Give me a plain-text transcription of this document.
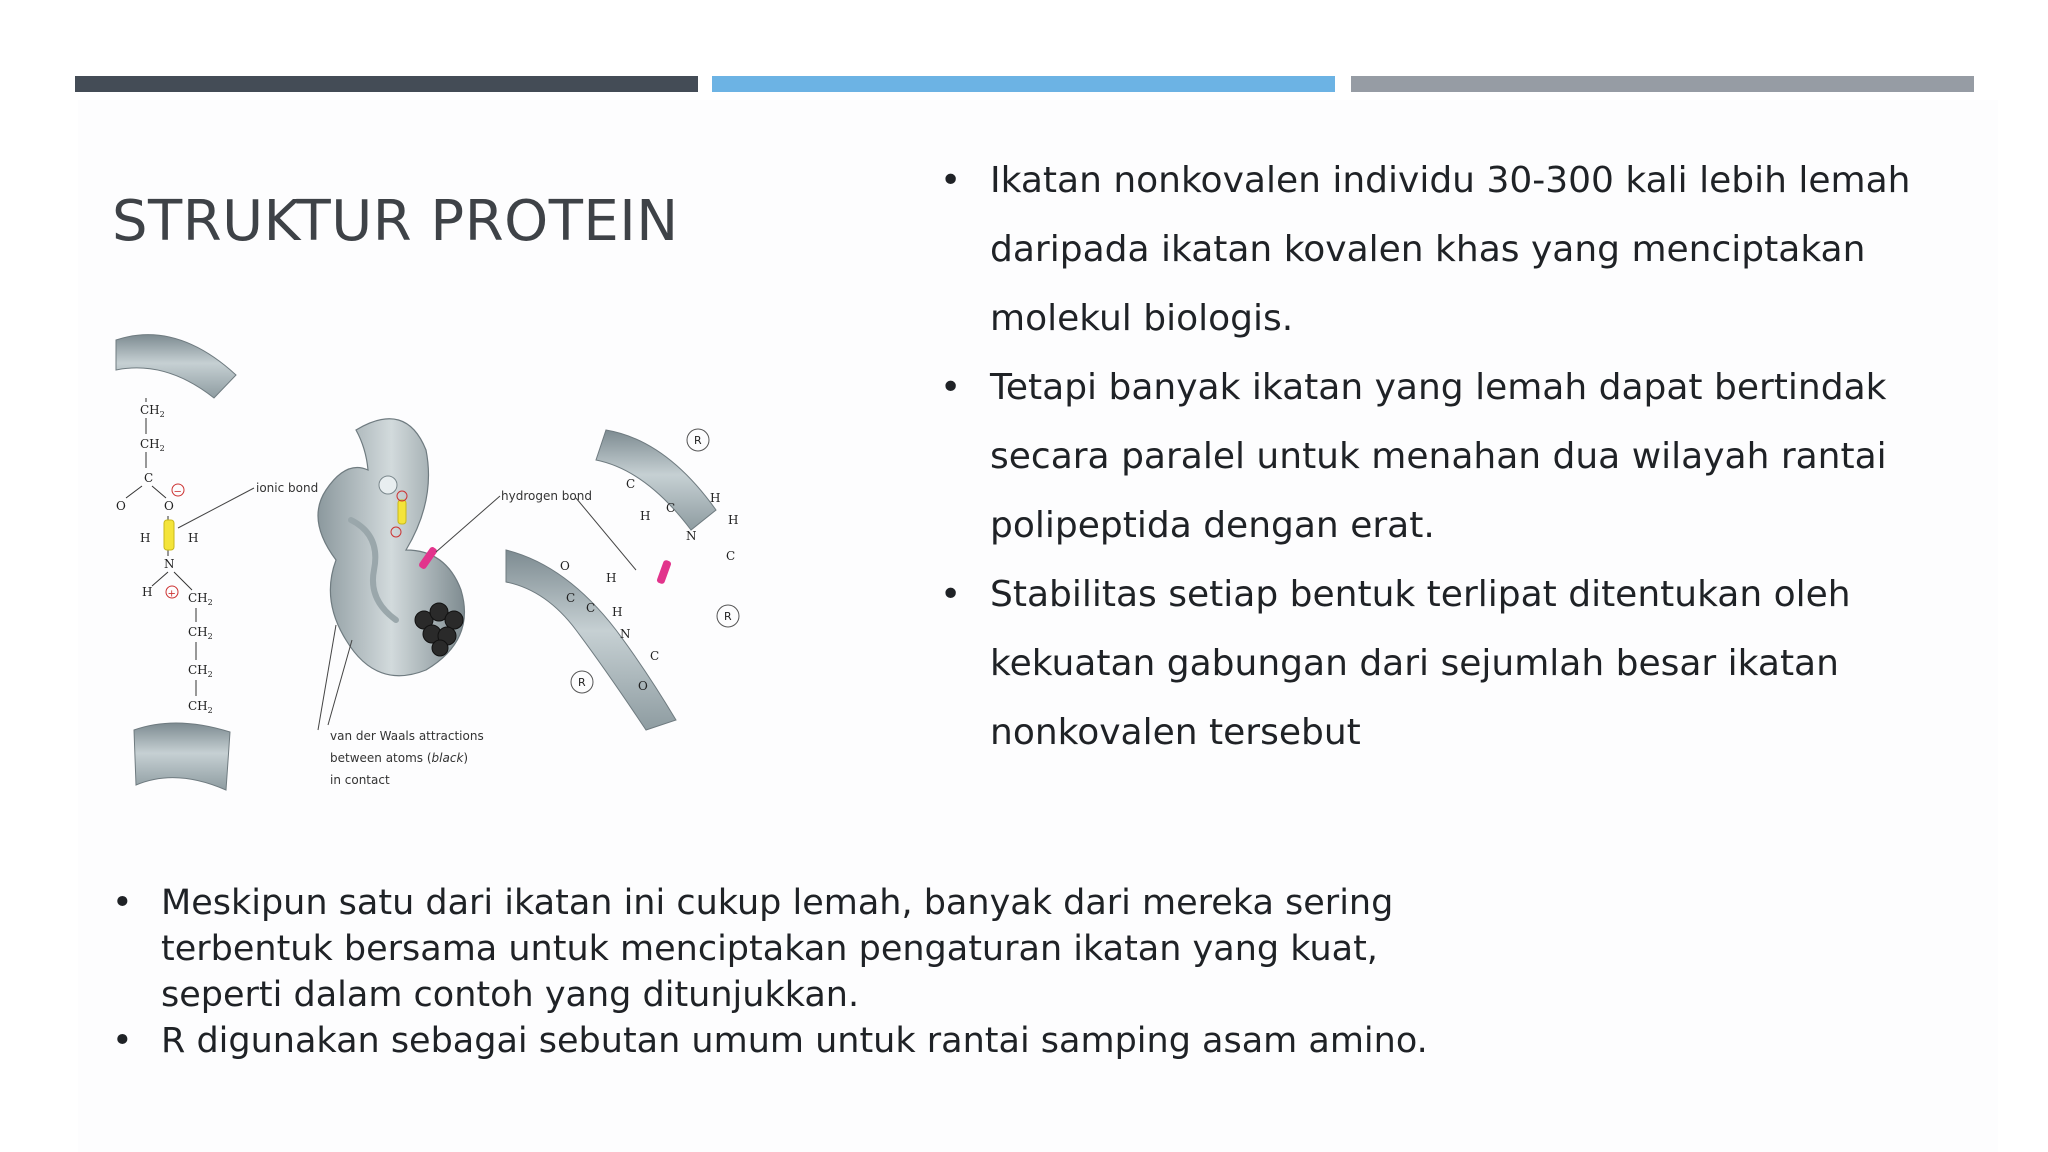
STRUKTUR PROTEIN
$CH_2$
$CH_2$
C
O	O
H	H
N
H	$CH_2$
$CH_2$
$CH_2$
$CH_2$
−
+
ionic bond
hydrogen bond
van der Waals attractions
between atoms (black)
in contact
C
H
C
N
H
C
H
O
C
C
H
H
N
C
O
R
R
R
• Ikatan nonkovalen individu 30-300 kali lebih lemah daripada ikatan kovalen khas yang menciptakan molekul biologis.
• Tetapi banyak ikatan yang lemah dapat bertindak secara paralel untuk menahan dua wilayah rantai polipeptida dengan erat.
• Stabilitas setiap bentuk terlipat ditentukan oleh kekuatan gabungan dari sejumlah besar ikatan nonkovalen tersebut
• Meskipun satu dari ikatan ini cukup lemah, banyak dari mereka sering terbentuk bersama untuk menciptakan pengaturan ikatan yang kuat, seperti dalam contoh yang ditunjukkan.
• R digunakan sebagai sebutan umum untuk rantai samping asam amino.
